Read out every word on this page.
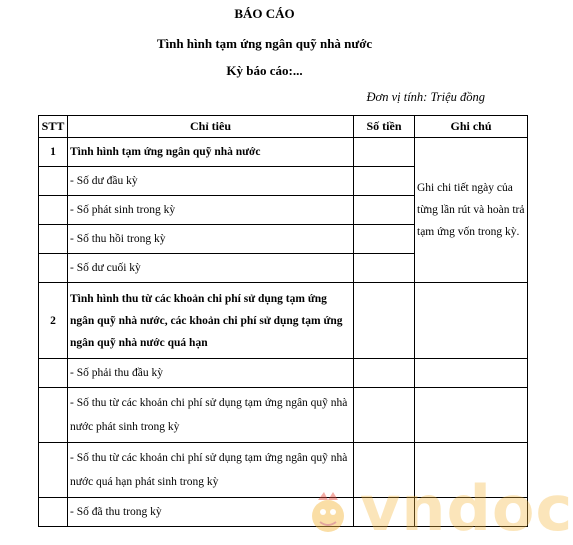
BÁO CÁO
Tình hình tạm ứng ngân quỹ nhà nước
Kỳ báo cáo:...
Đơn vị tính: Triệu đồng
STT	Chỉ tiêu	Số tiền	Ghi chú
1	Tình hình tạm ứng ngân quỹ nhà nước		Ghi chi tiết ngày của từng lần rút và hoàn trả tạm ứng vốn trong kỳ.
	- Số dư đầu kỳ		
	- Số phát sinh trong kỳ		
	- Số thu hồi trong kỳ		
	- Số dư cuối kỳ		
2	Tình hình thu từ các khoản chi phí sử dụng tạm ứng ngân quỹ nhà nước, các khoản chi phí sử dụng tạm ứng ngân quỹ nhà nước quá hạn		
	- Số phải thu đầu kỳ		
	- Số thu từ các khoản chi phí sử dụng tạm ứng ngân quỹ nhà nước phát sinh trong kỳ		
	- Số thu từ các khoản chi phí sử dụng tạm ứng ngân quỹ nhà nước quá hạn phát sinh trong kỳ		
	- Số đã thu trong kỳ			vndoc
